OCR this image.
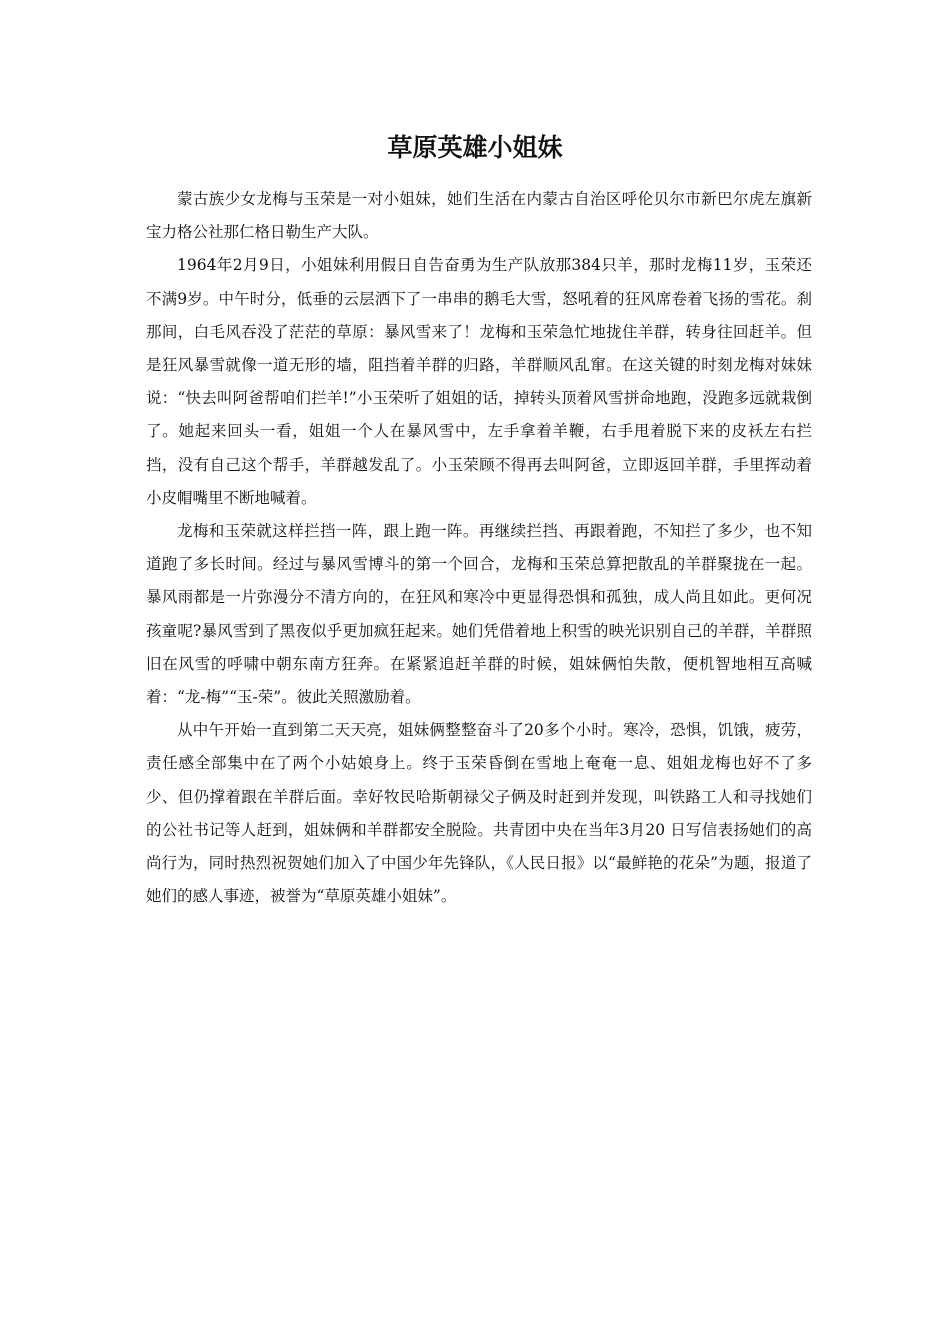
草原英雄小姐妹

蒙古族少女龙梅与玉荣是一对小姐妹，她们生活在内蒙古自治区呼伦贝尔市新巴尔虎左旗新宝力格公社那仁格日勒生产大队。

1964年2月9日，小姐妹利用假日自告奋勇为生产队放那384只羊，那时龙梅11岁，玉荣还不满9岁。中午时分，低垂的云层洒下了一串串的鹅毛大雪，怒吼着的狂风席卷着飞扬的雪花。刹那间，白毛风吞没了茫茫的草原：暴风雪来了！龙梅和玉荣急忙地拢住羊群，转身往回赶羊。但是狂风暴雪就像一道无形的墙，阻挡着羊群的归路，羊群顺风乱窜。在这关键的时刻龙梅对妹妹说：“快去叫阿爸帮咱们拦羊!”小玉荣听了姐姐的话，掉转头顶着风雪拼命地跑，没跑多远就栽倒了。她起来回头一看，姐姐一个人在暴风雪中，左手拿着羊鞭，右手甩着脱下来的皮袄左右拦挡，没有自己这个帮手，羊群越发乱了。小玉荣顾不得再去叫阿爸，立即返回羊群，手里挥动着小皮帽嘴里不断地喊着。

龙梅和玉荣就这样拦挡一阵，跟上跑一阵。再继续拦挡、再跟着跑，不知拦了多少，也不知道跑了多长时间。经过与暴风雪博斗的第一个回合，龙梅和玉荣总算把散乱的羊群聚拢在一起。暴风雨都是一片弥漫分不清方向的，在狂风和寒冷中更显得恐惧和孤独，成人尚且如此。更何况孩童呢?暴风雪到了黑夜似乎更加疯狂起来。她们凭借着地上积雪的映光识别自己的羊群，羊群照旧在风雪的呼啸中朝东南方狂奔。在紧紧追赶羊群的时候，姐妹俩怕失散，便机智地相互高喊着：“龙-梅”“玉-荣”。彼此关照激励着。

从中午开始一直到第二天天亮，姐妹俩整整奋斗了20多个小时。寒冷，恐惧，饥饿，疲劳，责任感全部集中在了两个小姑娘身上。终于玉荣昏倒在雪地上奄奄一息、姐姐龙梅也好不了多少、但仍撑着跟在羊群后面。幸好牧民哈斯朝禄父子俩及时赶到并发现，叫铁路工人和寻找她们的公社书记等人赶到，姐妹俩和羊群都安全脱险。共青团中央在当年3月20 日写信表扬她们的高尚行为，同时热烈祝贺她们加入了中国少年先锋队，《人民日报》以“最鲜艳的花朵”为题，报道了她们的感人事迹，被誉为“草原英雄小姐妹”。
